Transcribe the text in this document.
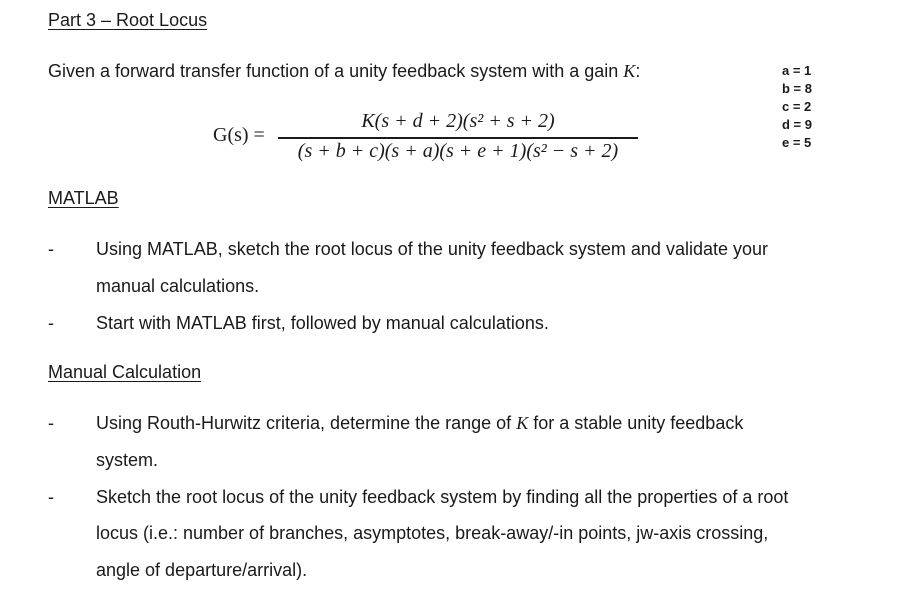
Part 3 – Root Locus
Given a forward transfer function of a unity feedback system with a gain K:	a = 1
b = 8
c = 2
d = 9
e = 5
G(s) =
K(s + d + 2)(s² + s + 2)
(s + b + c)(s + a)(s + e + 1)(s² − s + 2)
MATLAB
- Using MATLAB, sketch the root locus of the unity feedback system and validate your
manual calculations.
- Start with MATLAB first, followed by manual calculations.
Manual Calculation
- Using Routh-Hurwitz criteria, determine the range of K for a stable unity feedback
system.
- Sketch the root locus of the unity feedback system by finding all the properties of a root
locus (i.e.: number of branches, asymptotes, break-away/-in points, jw-axis crossing,
angle of departure/arrival).
